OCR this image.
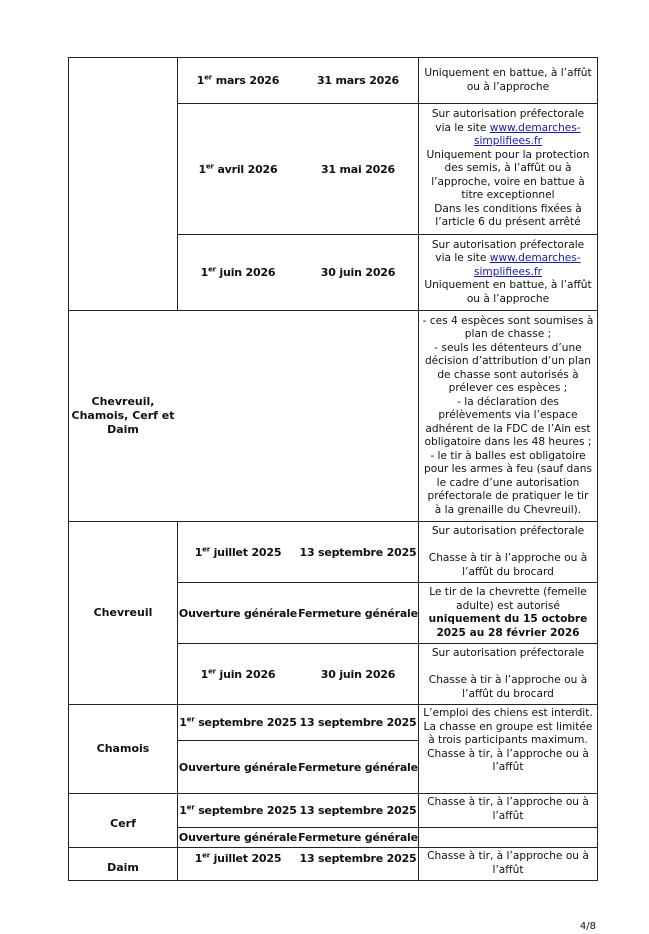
1er mars 2026	31 mars 2026
Uniquement en battue, à l’affût
ou à l’approche
1er avril 2026	31 mai 2026
Sur autorisation préfectorale
via le site www.demarches-
simplifiees.fr
Uniquement pour la protection
des semis, à l’affût ou à
l’approche, voire en battue à
titre exceptionnel
Dans les conditions fixées à
l’article 6 du présent arrêté
1er juin 2026	30 juin 2026
Sur autorisation préfectorale
via le site www.demarches-
simplifiees.fr
Uniquement en battue, à l’affût
ou à l’approche
Chevreuil,
Chamois, Cerf et
Daim
- ces 4 espèces sont soumises à
plan de chasse ;
- seuls les détenteurs d’une
décision d’attribution d’un plan
de chasse sont autorisés à
prélever ces espèces ;
- la déclaration des
prélèvements via l’espace
adhérent de la FDC de l’Ain est
obligatoire dans les 48 heures ;
- le tir à balles est obligatoire
pour les armes à feu (sauf dans
le cadre d’une autorisation
préfectorale de pratiquer le tir
à la grenaille du Chevreuil).
Chevreuil
1er juillet 2025 13 septembre 2025
Sur autorisation préfectorale

Chasse à tir à l’approche ou à
l’affût du brocard
Ouverture générale Fermeture générale
Le tir de la chevrette (femelle
adulte) est autorisé
uniquement du 15 octobre
2025 au 28 février 2026
1er juin 2026	30 juin 2026
Sur autorisation préfectorale

Chasse à tir à l’approche ou à
l’affût du brocard
Chamois
1er septembre 2025 13 septembre 2025
Ouverture générale Fermeture générale
L’emploi des chiens est interdit.
La chasse en groupe est limitée
à trois participants maximum.
Chasse à tir, à l’approche ou à
l’affût
Cerf
1er septembre 2025 13 septembre 2025
Chasse à tir, à l’approche ou à
l’affût
Ouverture générale Fermeture générale
Daim
1er juillet 2025 13 septembre 2025 Chasse à tir, à l’approche ou à
l’affût
4/8
